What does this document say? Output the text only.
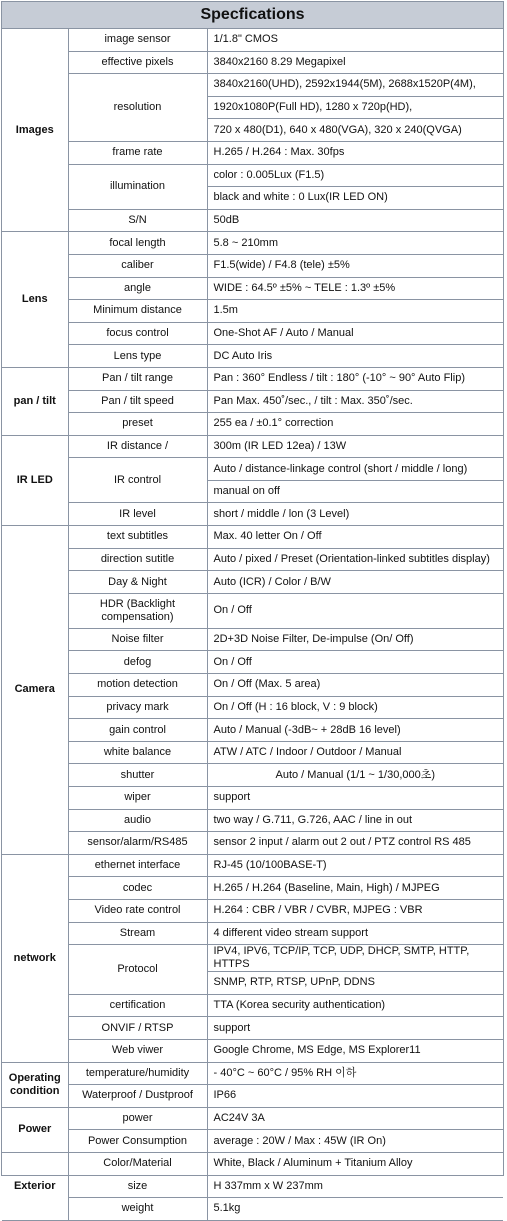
Specfications
Images	image sensor	1/1.8" CMOS
	effective pixels	3840x2160 8.29 Megapixel
	resolution	3840x2160(UHD), 2592x1944(5M), 2688x1520P(4M),
		1920x1080P(Full HD), 1280 x 720p(HD),
		720 x 480(D1), 640 x 480(VGA), 320 x 240(QVGA)
	frame rate	H.265 / H.264 : Max. 30fps
	illumination	color : 0.005Lux (F1.5)
		black and white : 0 Lux(IR LED ON)
	S/N	50dB
Lens	focal length	5.8 ~ 210mm
	caliber	F1.5(wide) / F4.8 (tele) ±5%
	angle	WIDE : 64.5º ±5% ~ TELE : 1.3º ±5%
	Minimum distance	1.5m
	focus control	One-Shot AF / Auto / Manual
	Lens type	DC Auto Iris
pan / tilt	Pan / tilt range	Pan : 360° Endless / tilt : 180° (-10° ~ 90° Auto Flip)
	Pan / tilt speed	Pan Max. 450˚/sec., / tilt : Max. 350˚/sec.
	preset	255 ea / ±0.1° correction
IR LED	IR distance /	300m (IR LED 12ea) / 13W
	IR control	Auto / distance-linkage control (short / middle / long)
		manual on off
	IR level	short / middle / lon (3 Level)
Camera	text subtitles	Max. 40 letter On / Off
	direction sutitle	Auto / pixed / Preset (Orientation-linked subtitles display)
	Day & Night	Auto (ICR) / Color / B/W
	HDR (Backlight compensation)	On / Off
	Noise filter	2D+3D Noise Filter, De-impulse (On/ Off)
	defog	On / Off
	motion detection	On / Off (Max. 5 area)
	privacy mark	On / Off (H : 16 block, V : 9 block)
	gain control	Auto / Manual (-3dB~ + 28dB 16 level)
	white balance	ATW / ATC / Indoor / Outdoor / Manual
	shutter	Auto / Manual (1/1 ~ 1/30,000초)
	wiper	support
	audio	two way / G.711, G.726, AAC / line in out
	sensor/alarm/RS485	sensor 2 input / alarm out 2 out / PTZ control RS 485
network	ethernet interface	RJ-45 (10/100BASE-T)
	codec	H.265 / H.264 (Baseline, Main, High) / MJPEG
	Video rate control	H.264 : CBR / VBR / CVBR, MJPEG : VBR
	Stream	4 different video stream support
	Protocol	IPV4, IPV6, TCP/IP, TCP, UDP, DHCP, SMTP, HTTP, HTTPS
		SNMP, RTP, RTSP, UPnP, DDNS
	certification	TTA (Korea security authentication)
	ONVIF / RTSP	support
	Web viwer	Google Chrome, MS Edge, MS Explorer11
Operating condition	temperature/humidity	- 40°C ~ 60°C / 95% RH 이하
	Waterproof / Dustproof	IP66
Power	power	AC24V 3A
	Power Consumption	average : 20W / Max : 45W (IR On)
Exterior	Color/Material	White, Black / Aluminum + Titanium Alloy
	size	H 337mm x W 237mm
	weight	5.1kg
